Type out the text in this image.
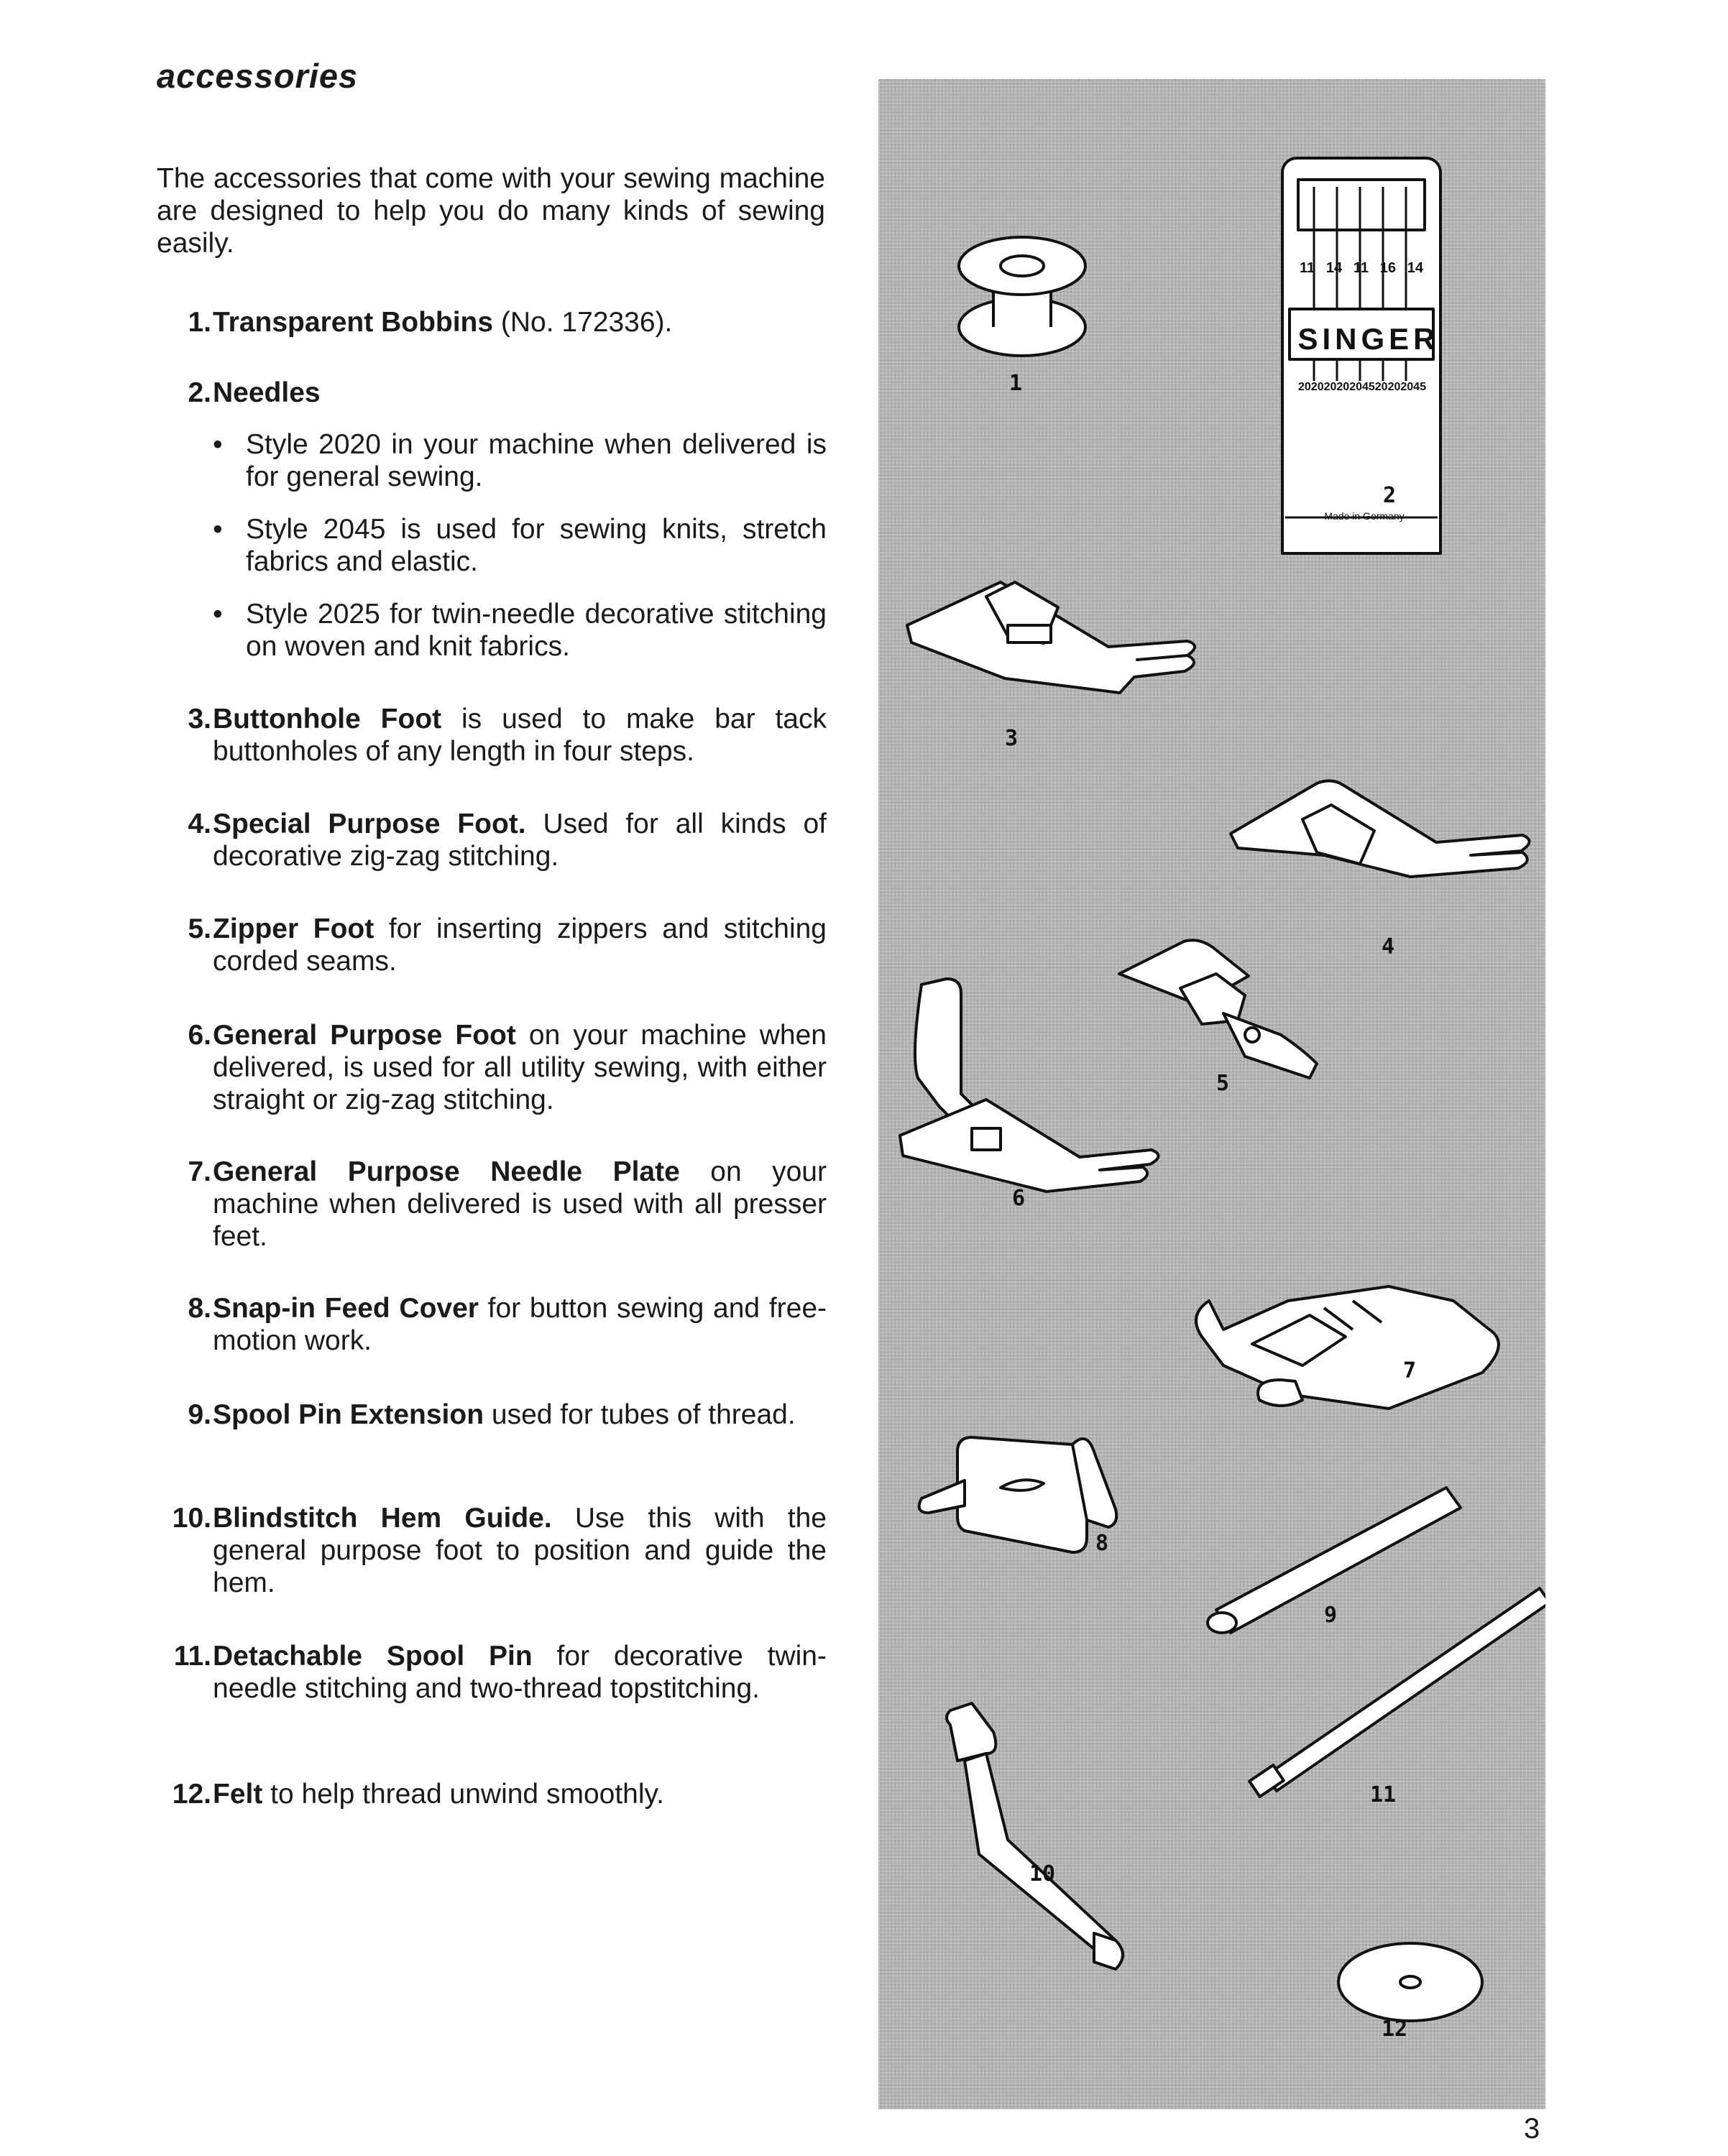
accessories

The accessories that come with your sewing machine are designed to help you do many kinds of sewing easily.

1. Transparent Bobbins (No. 172336).
2. Needles
• Style 2020 in your machine when delivered is for general sewing.
• Style 2045 is used for sewing knits, stretch fabrics and elastic.
• Style 2025 for twin-needle decorative stitching on woven and knit fabrics.
3. Buttonhole Foot is used to make bar tack buttonholes of any length in four steps.
4. Special Purpose Foot. Used for all kinds of decorative zig-zag stitching.
5. Zipper Foot for inserting zippers and stitching corded seams.
6. General Purpose Foot on your machine when delivered, is used for all utility sewing, with either straight or zig-zag stitching.
7. General Purpose Needle Plate on your machine when delivered is used with all presser feet.
8. Snap-in Feed Cover for button sewing and free-motion work.
9. Spool Pin Extension used for tubes of thread.
10. Blindstitch Hem Guide. Use this with the general purpose foot to position and guide the hem.
11. Detachable Spool Pin for decorative twin-needle stitching and two-thread topstitching.
12. Felt to help thread unwind smoothly.
1
2
3
4
5
6
7
8
9
10
11
12
SINGER
11 14 11 16 14
2020 2020 2045 2020 2045
Made in Germany
3
